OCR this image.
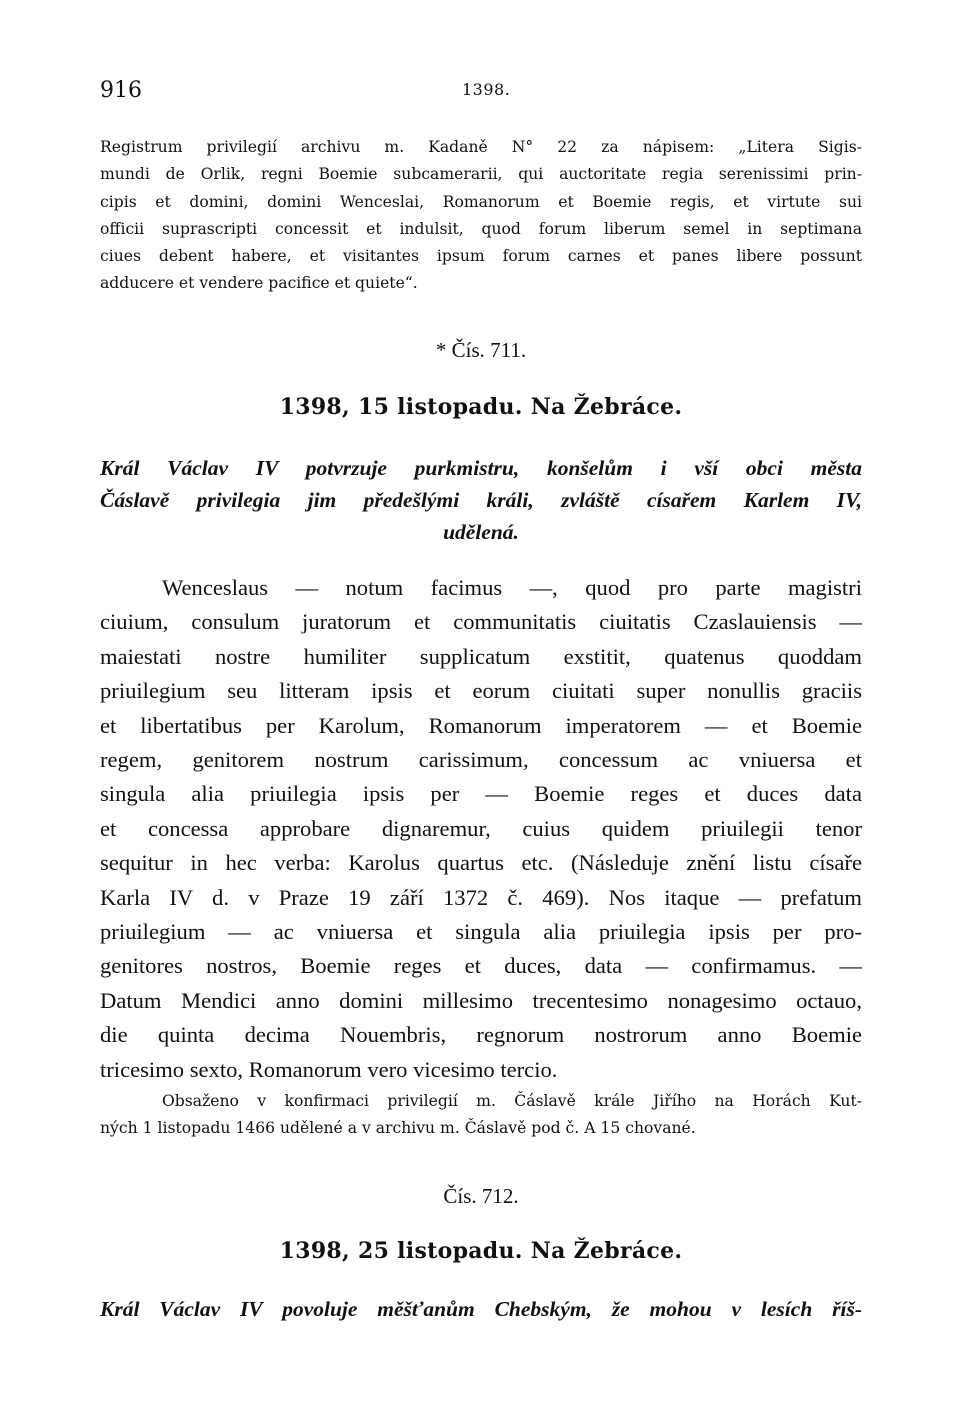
916	1398.
Registrum privilegií archivu m. Kadaně N° 22 za nápisem: „Litera Sigis-
mundi de Orlik, regni Boemie subcamerarii, qui auctoritate regia serenissimi prin-
cipis et domini, domini Wenceslai, Romanorum et Boemie regis, et virtute sui
officii suprascripti concessit et indulsit, quod forum liberum semel in septimana
ciues debent habere, et visitantes ipsum forum carnes et panes libere possunt
adducere et vendere pacifice et quiete“.
* Čís. 711.
1398, 15 listopadu. Na Žebráce.
Král Václav IV potvrzuje purkmistru, konšelům i vší obci města
Čáslavě privilegia jim předešlými králi, zvláště císařem Karlem IV,
udělená.
Wenceslaus — notum facimus —, quod pro parte magistri
ciuium, consulum juratorum et communitatis ciuitatis Czaslauiensis —
maiestati nostre humiliter supplicatum exstitit, quatenus quoddam
priuilegium seu litteram ipsis et eorum ciuitati super nonullis graciis
et libertatibus per Karolum, Romanorum imperatorem — et Boemie
regem, genitorem nostrum carissimum, concessum ac vniuersa et
singula alia priuilegia ipsis per — Boemie reges et duces data
et concessa approbare dignaremur, cuius quidem priuilegii tenor
sequitur in hec verba: Karolus quartus etc. (Následuje znění listu císaře
Karla IV d. v Praze 19 září 1372 č. 469). Nos itaque — prefatum
priuilegium — ac vniuersa et singula alia priuilegia ipsis per pro-
genitores nostros, Boemie reges et duces, data — confirmamus. —
Datum Mendici anno domini millesimo trecentesimo nonagesimo octauo,
die quinta decima Nouembris, regnorum nostrorum anno Boemie
tricesimo sexto, Romanorum vero vicesimo tercio.
Obsaženo v konfirmaci privilegií m. Čáslavě krále Jiřího na Horách Kut-
ných 1 listopadu 1466 udělené a v archivu m. Čáslavě pod č. A 15 chované.
Čís. 712.
1398, 25 listopadu. Na Žebráce.
Král Václav IV povoluje měšťanům Chebským, že mohou v lesích říš-
